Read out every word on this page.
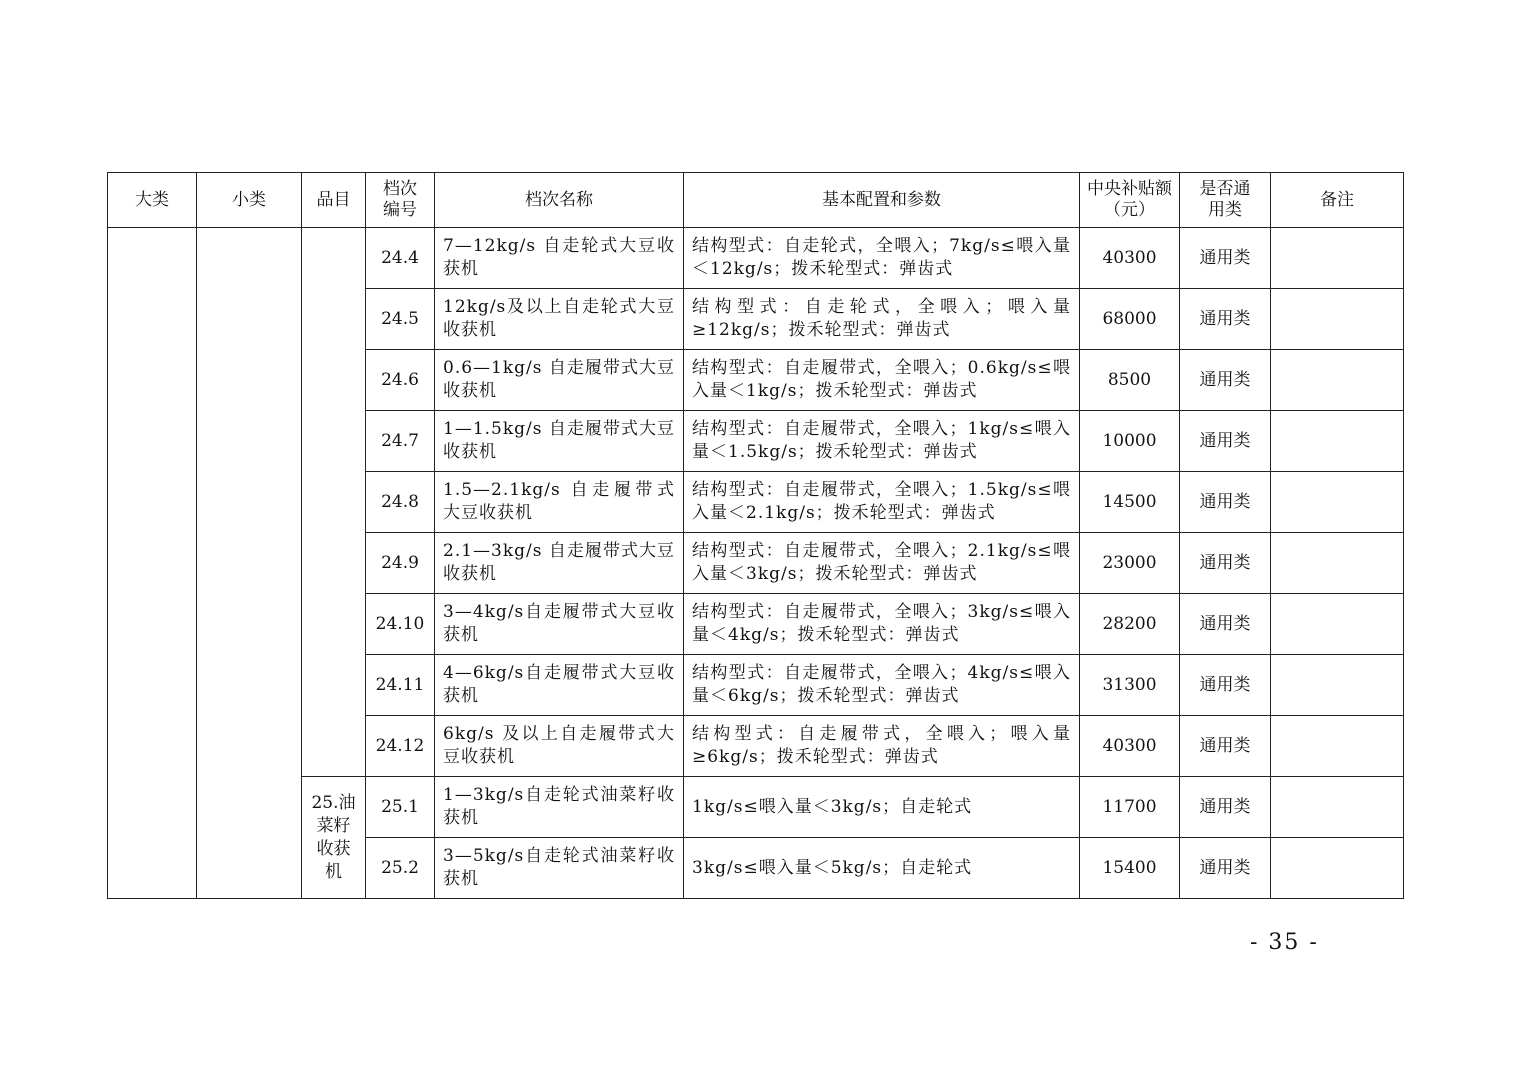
大类	小类	品目	档次编号	档次名称	基本配置和参数	中央补贴额（元）	是否通用类	备注
			24.4	7—12kg/s 自走轮式大豆收获机	结构型式：自走轮式，全喂入；7kg/s≤喂入量＜12kg/s；拨禾轮型式：弹齿式	40300	通用类	
			24.5	12kg/s及以上自走轮式大豆收获机	结构型式：自走轮式，全喂入；喂入量≥12kg/s；拨禾轮型式：弹齿式	68000	通用类	
			24.6	0.6—1kg/s 自走履带式大豆收获机	结构型式：自走履带式，全喂入；0.6kg/s≤喂入量＜1kg/s；拨禾轮型式：弹齿式	8500	通用类	
			24.7	1—1.5kg/s 自走履带式大豆收获机	结构型式：自走履带式，全喂入；1kg/s≤喂入量＜1.5kg/s；拨禾轮型式：弹齿式	10000	通用类	
			24.8	1.5—2.1kg/s 自走履带式大豆收获机	结构型式：自走履带式，全喂入；1.5kg/s≤喂入量＜2.1kg/s；拨禾轮型式：弹齿式	14500	通用类	
			24.9	2.1—3kg/s 自走履带式大豆收获机	结构型式：自走履带式，全喂入；2.1kg/s≤喂入量＜3kg/s；拨禾轮型式：弹齿式	23000	通用类	
			24.10	3—4kg/s自走履带式大豆收获机	结构型式：自走履带式，全喂入；3kg/s≤喂入量＜4kg/s；拨禾轮型式：弹齿式	28200	通用类	
			24.11	4—6kg/s自走履带式大豆收获机	结构型式：自走履带式，全喂入；4kg/s≤喂入量＜6kg/s；拨禾轮型式：弹齿式	31300	通用类	
			24.12	6kg/s 及以上自走履带式大豆收获机	结构型式：自走履带式，全喂入；喂入量≥6kg/s；拨禾轮型式：弹齿式	40300	通用类	
		25.油菜籽收获机	25.1	1—3kg/s自走轮式油菜籽收获机	1kg/s≤喂入量＜3kg/s；自走轮式	11700	通用类	
			25.2	3—5kg/s自走轮式油菜籽收获机	3kg/s≤喂入量＜5kg/s；自走轮式	15400	通用类	
- 35 -
